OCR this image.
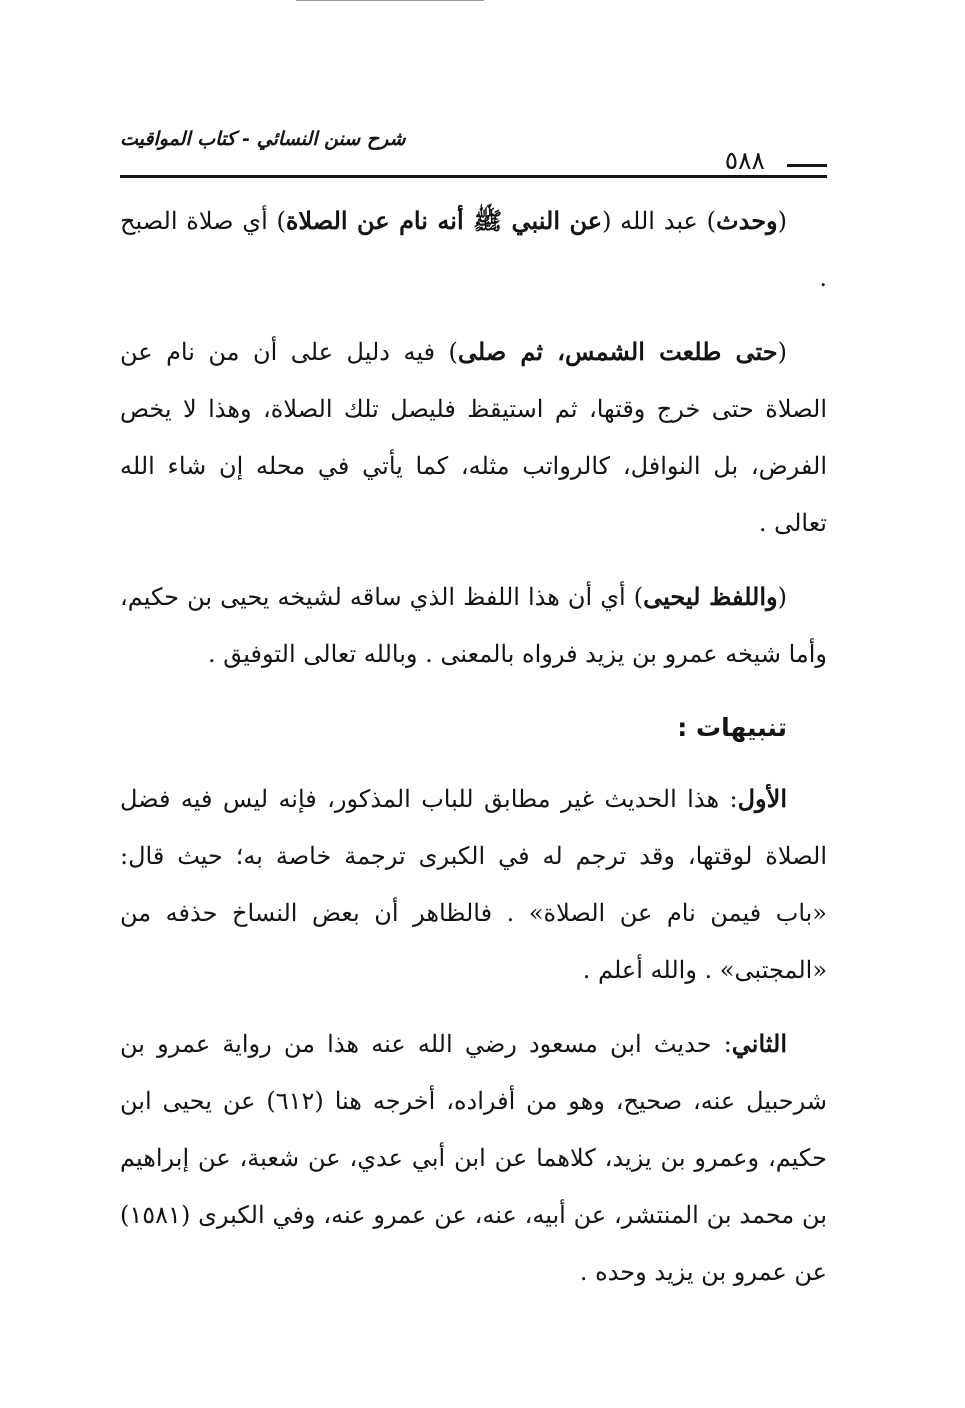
شرح سنن النسائي - كتاب المواقيت
٥٨٨

(وحدث) عبد الله (عن النبي ﷺ أنه نام عن الصلاة) أي صلاة الصبح .

(حتى طلعت الشمس، ثم صلى) فيه دليل على أن من نام عن الصلاة حتى خرج وقتها، ثم استيقظ فليصل تلك الصلاة، وهذا لا يخص الفرض، بل النوافل، كالرواتب مثله، كما يأتي في محله إن شاء الله تعالى .

(واللفظ ليحيى) أي أن هذا اللفظ الذي ساقه لشيخه يحيى بن حكيم، وأما شيخه عمرو بن يزيد فرواه بالمعنى . وبالله تعالى التوفيق .

تنبيهات :

الأول: هذا الحديث غير مطابق للباب المذكور، فإنه ليس فيه فضل الصلاة لوقتها، وقد ترجم له في الكبرى ترجمة خاصة به؛ حيث قال: «باب فيمن نام عن الصلاة» . فالظاهر أن بعض النساخ حذفه من «المجتبى» . والله أعلم .

الثاني: حديث ابن مسعود رضي الله عنه هذا من رواية عمرو بن شرحبيل عنه، صحيح، وهو من أفراده، أخرجه هنا (٦١٢) عن يحيى ابن حكيم، وعمرو بن يزيد، كلاهما عن ابن أبي عدي، عن شعبة، عن إبراهيم بن محمد بن المنتشر، عن أبيه، عنه، عن عمرو عنه، وفي الكبرى (١٥٨١) عن عمرو بن يزيد وحده .
